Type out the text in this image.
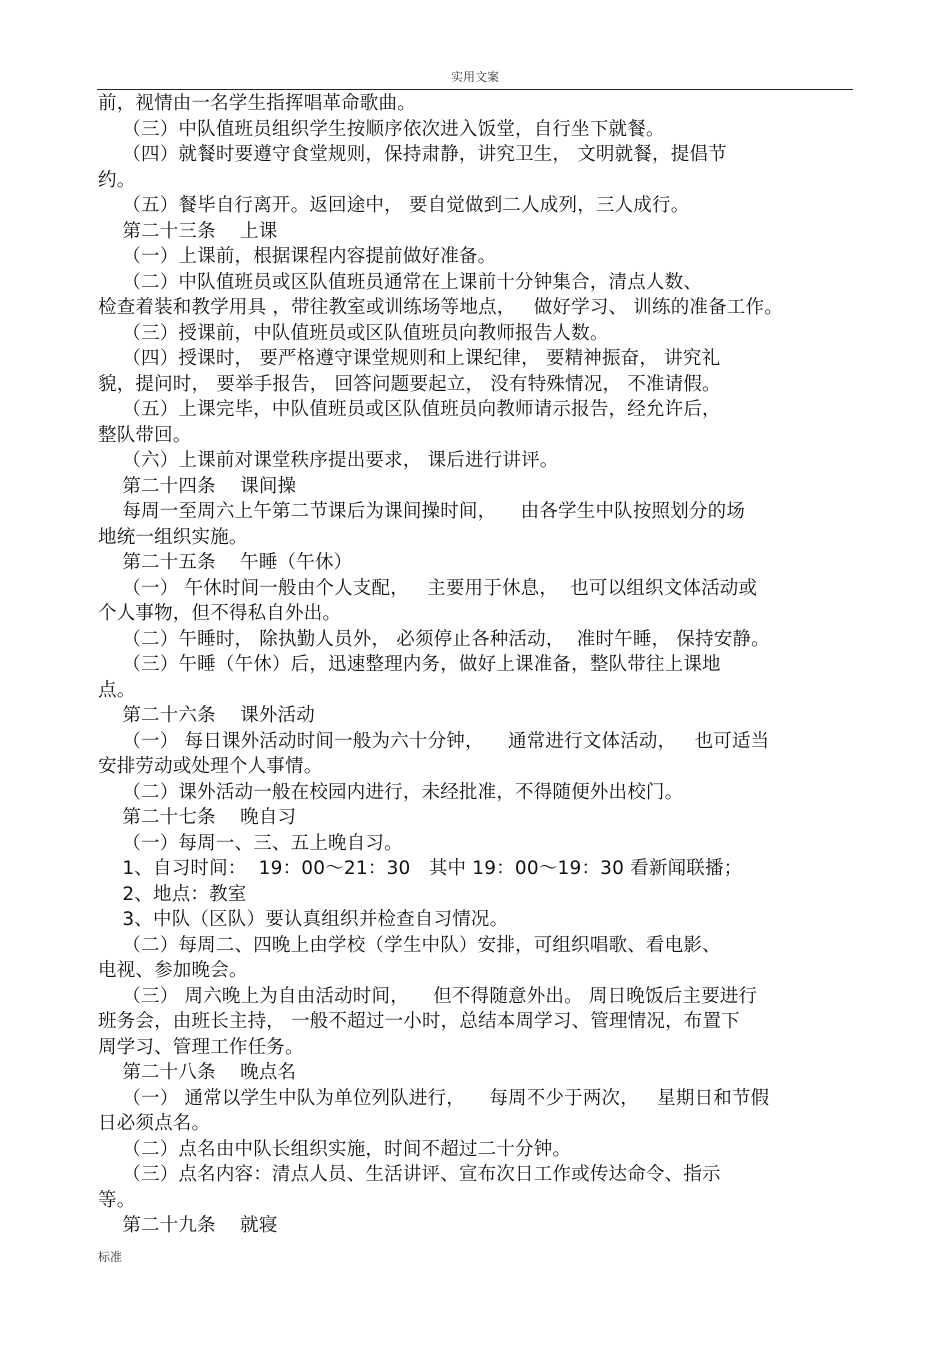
实用文案
前，视情由一名学生指挥唱革命歌曲。
（三）中队值班员组织学生按顺序依次进入饭堂，自行坐下就餐。
（四）就餐时要遵守食堂规则，保持肃静，讲究卫生， 文明就餐，提倡节
约。
（五）餐毕自行离开。返回途中， 要自觉做到二人成列，三人成行。
第二十三条    上课
（一）上课前，根据课程内容提前做好准备。
（二）中队值班员或区队值班员通常在上课前十分钟集合，清点人数、
检查着装和教学用具 ，带往教室或训练场等地点，   做好学习、 训练的准备工作。
（三）授课前，中队值班员或区队值班员向教师报告人数。
（四）授课时， 要严格遵守课堂规则和上课纪律， 要精神振奋， 讲究礼
貌，提问时， 要举手报告， 回答问题要起立， 没有特殊情况， 不准请假。
（五）上课完毕，中队值班员或区队值班员向教师请示报告，经允许后，
整队带回。
（六）上课前对课堂秩序提出要求， 课后进行讲评。
第二十四条    课间操
每周一至周六上午第二节课后为课间操时间，    由各学生中队按照划分的场
地统一组织实施。
第二十五条    午睡（午休）
（一） 午休时间一般由个人支配，   主要用于休息，  也可以组织文体活动或
个人事物，但不得私自外出。
（二）午睡时， 除执勤人员外， 必须停止各种活动，  准时午睡， 保持安静。
（三）午睡（午休）后，迅速整理内务，做好上课准备，整队带往上课地
点。
第二十六条    课外活动
（一） 每日课外活动时间一般为六十分钟，    通常进行文体活动，   也可适当
安排劳动或处理个人事情。
（二）课外活动一般在校园内进行，未经批准，不得随便外出校门。
第二十七条    晚自习
（一）每周一、三、五上晚自习。
1、自习时间：  19：00～21：30   其中 19：00～19：30 看新闻联播；
2、地点：教室
3、中队（区队）要认真组织并检查自习情况。
（二）每周二、四晚上由学校（学生中队）安排，可组织唱歌、看电影、
电视、参加晚会。
（三） 周六晚上为自由活动时间，    但不得随意外出。 周日晚饭后主要进行
班务会，由班长主持， 一般不超过一小时，总结本周学习、管理情况，布置下
周学习、管理工作任务。
第二十八条    晚点名
（一） 通常以学生中队为单位列队进行，    每周不少于两次，   星期日和节假
日必须点名。
（二）点名由中队长组织实施，时间不超过二十分钟。
（三）点名内容：清点人员、生活讲评、宣布次日工作或传达命令、指示
等。
第二十九条    就寝
标准
